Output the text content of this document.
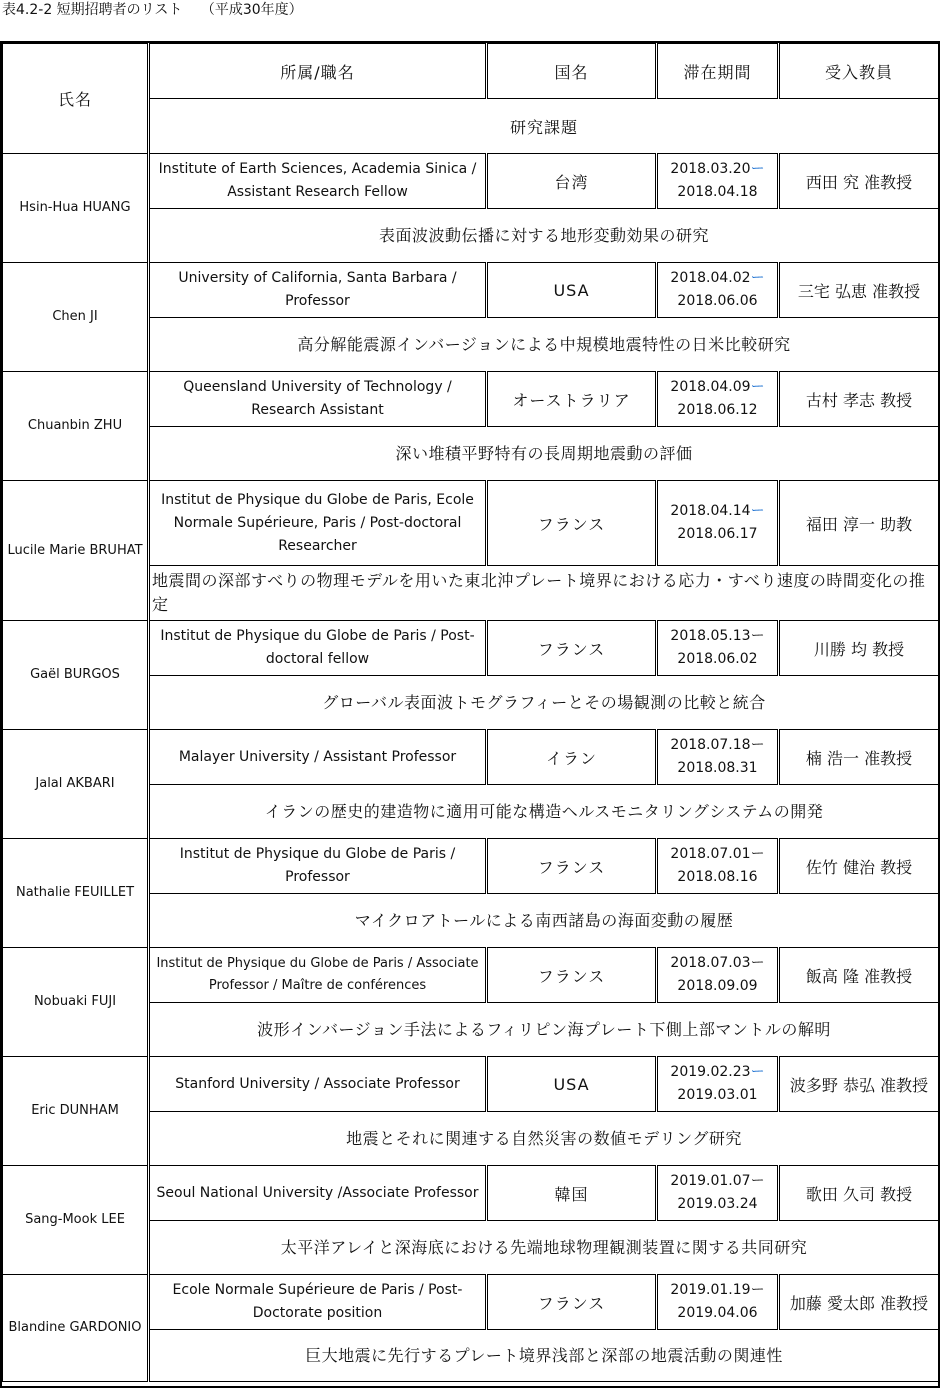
表4.2-2 短期招聘者のリスト　 （平成30年度）
氏名	所属/職名	国名	滞在期間	受入教員
	研究課題			
Hsin-Hua HUANG	Institute of Earth Sciences, Academia Sinica / Assistant Research Fellow	台湾	2018.03.20ー
2018.04.18	西田 究 准教授
	表面波波動伝播に対する地形変動効果の研究			
Chen JI	University of California, Santa Barbara / Professor	USA	2018.04.02ー
2018.06.06	三宅 弘恵 准教授
	高分解能震源インバージョンによる中規模地震特性の日米比較研究			
Chuanbin ZHU	Queensland University of Technology / Research Assistant	オーストラリア	2018.04.09ー
2018.06.12	古村 孝志 教授
	深い堆積平野特有の長周期地震動の評価			
Lucile Marie BRUHAT	Institut de Physique du Globe de Paris, Ecole Normale Supérieure, Paris / Post-doctoral Researcher	フランス	2018.04.14ー
2018.06.17	福田 淳一 助教
	地震間の深部すべりの物理モデルを用いた東北沖プレート境界における応力・すべり速度の時間変化の推定			
Gaël BURGOS	Institut de Physique du Globe de Paris / Post-doctoral fellow	フランス	2018.05.13ー
2018.06.02	川勝 均 教授
	グローバル表面波トモグラフィーとその場観測の比較と統合			
Jalal AKBARI	Malayer University / Assistant Professor	イラン	2018.07.18ー
2018.08.31	楠 浩一 准教授
	イランの歴史的建造物に適用可能な構造ヘルスモニタリングシステムの開発			
Nathalie FEUILLET	Institut de Physique du Globe de Paris / Professor	フランス	2018.07.01ー
2018.08.16	佐竹 健治 教授
	マイクロアトールによる南西諸島の海面変動の履歴			
Nobuaki FUJI	Institut de Physique du Globe de Paris / Associate Professor / Maître de conférences	フランス	2018.07.03ー
2018.09.09	飯高 隆 准教授
	波形インバージョン手法によるフィリピン海プレート下側上部マントルの解明			
Eric DUNHAM	Stanford University / Associate Professor	USA	2019.02.23ー
2019.03.01	波多野 恭弘 准教授
	地震とそれに関連する自然災害の数値モデリング研究			
Sang-Mook LEE	Seoul National University /Associate Professor	韓国	2019.01.07ー
2019.03.24	歌田 久司 教授
	太平洋アレイと深海底における先端地球物理観測装置に関する共同研究			
Blandine GARDONIO	Ecole Normale Supérieure de Paris / Post-Doctorate position	フランス	2019.01.19ー
2019.04.06	加藤 愛太郎 准教授
	巨大地震に先行するプレート境界浅部と深部の地震活動の関連性			
